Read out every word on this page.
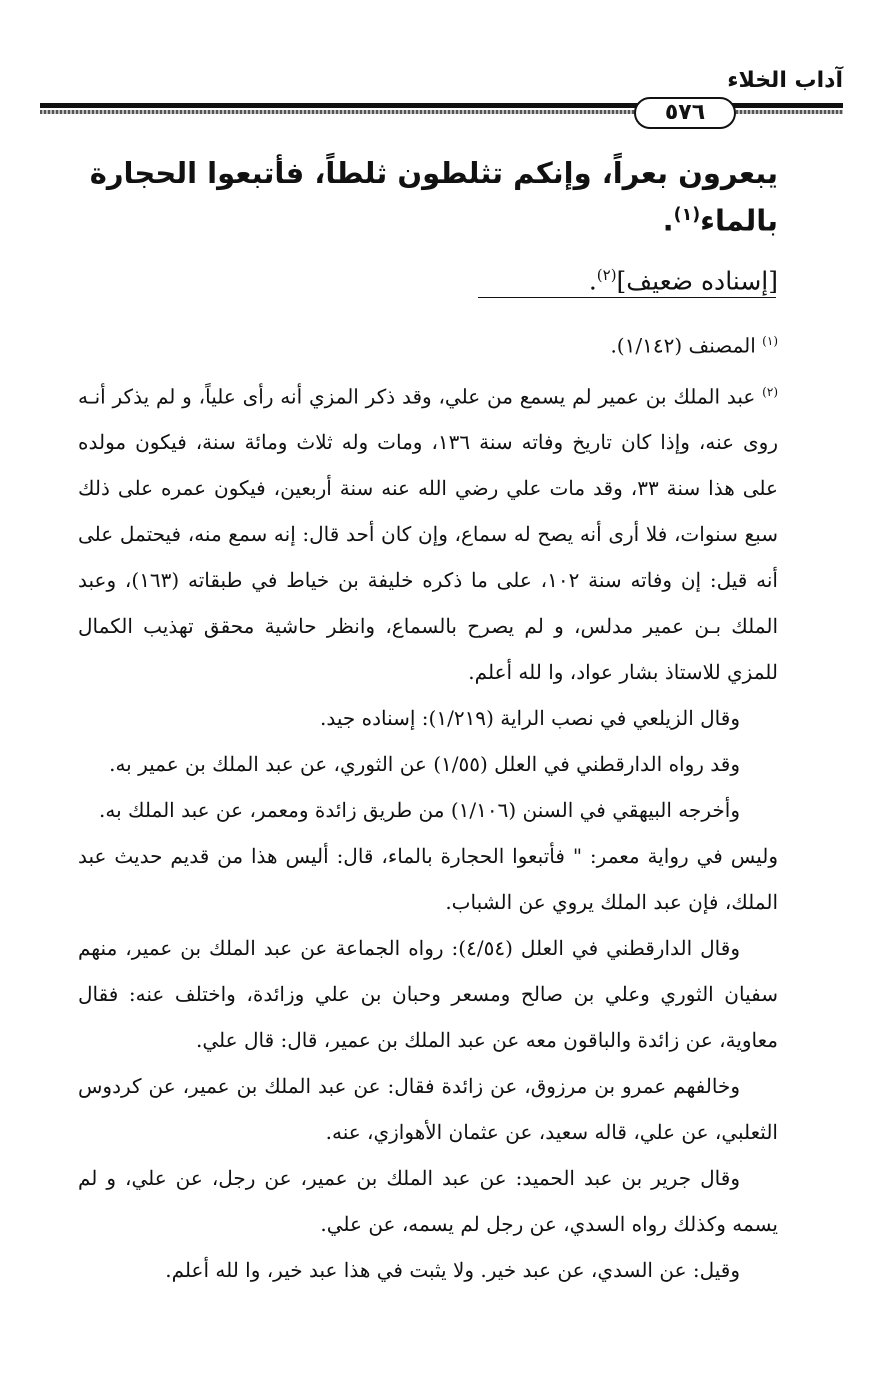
آداب الخلاء
٥٧٦
يبعرون بعراً، وإنكم تثلطون ثلطاً، فأتبعوا الحجارة بالماء$^{(١)}$.
[إسناده ضعيف]$^{(٢)}$.

$^{(١)}$ المصنف (١/١٤٢).

$^{(٢)}$ عبد الملك بن عمير لم يسمع من علي، وقد ذكر المزي أنه رأى علياً، و لم يذكر أنـه روى عنه، وإذا كان تاريخ وفاته سنة ١٣٦، ومات وله ثلاث ومائة سنة، فيكون مولده على هذا سنة ٣٣، وقد مات علي رضي الله عنه سنة أربعين، فيكون عمره على ذلك سبع سنوات، فلا أرى أنه يصح له سماع، وإن كان أحد قال: إنه سمع منه، فيحتمل على أنه قيل: إن وفاته سنة ١٠٢، على ما ذكره خليفة بن خياط في طبقاته (١٦٣)، وعبد الملك بـن عمير مدلس، و لم يصرح بالسماع، وانظر حاشية محقق تهذيب الكمال للمزي للاستاذ بشار عواد، وا لله أعلم.

وقال الزيلعي في نصب الراية (١/٢١٩): إسناده جيد.

وقد رواه الدارقطني في العلل (١/٥٥) عن الثوري، عن عبد الملك بن عمير به.

وأخرجه البيهقي في السنن (١/١٠٦) من طريق زائدة ومعمر، عن عبد الملك به.

وليس في رواية معمر: " فأتبعوا الحجارة بالماء، قال: أليس هذا من قديم حديث عبد الملك، فإن عبد الملك يروي عن الشباب.

وقال الدارقطني في العلل (٤/٥٤): رواه الجماعة عن عبد الملك بن عمير، منهم سفيان الثوري وعلي بن صالح ومسعر وحبان بن علي وزائدة، واختلف عنه: فقال معاوية، عن زائدة والباقون معه عن عبد الملك بن عمير، قال: قال علي.

وخالفهم عمرو بن مرزوق، عن زائدة فقال: عن عبد الملك بن عمير، عن كردوس الثعلبي، عن علي، قاله سعيد، عن عثمان الأهوازي، عنه.

وقال جرير بن عبد الحميد: عن عبد الملك بن عمير، عن رجل، عن علي، و لم يسمه وكذلك رواه السدي، عن رجل لم يسمه، عن علي.

وقيل: عن السدي، عن عبد خير. ولا يثبت في هذا عبد خير، وا لله أعلم.
